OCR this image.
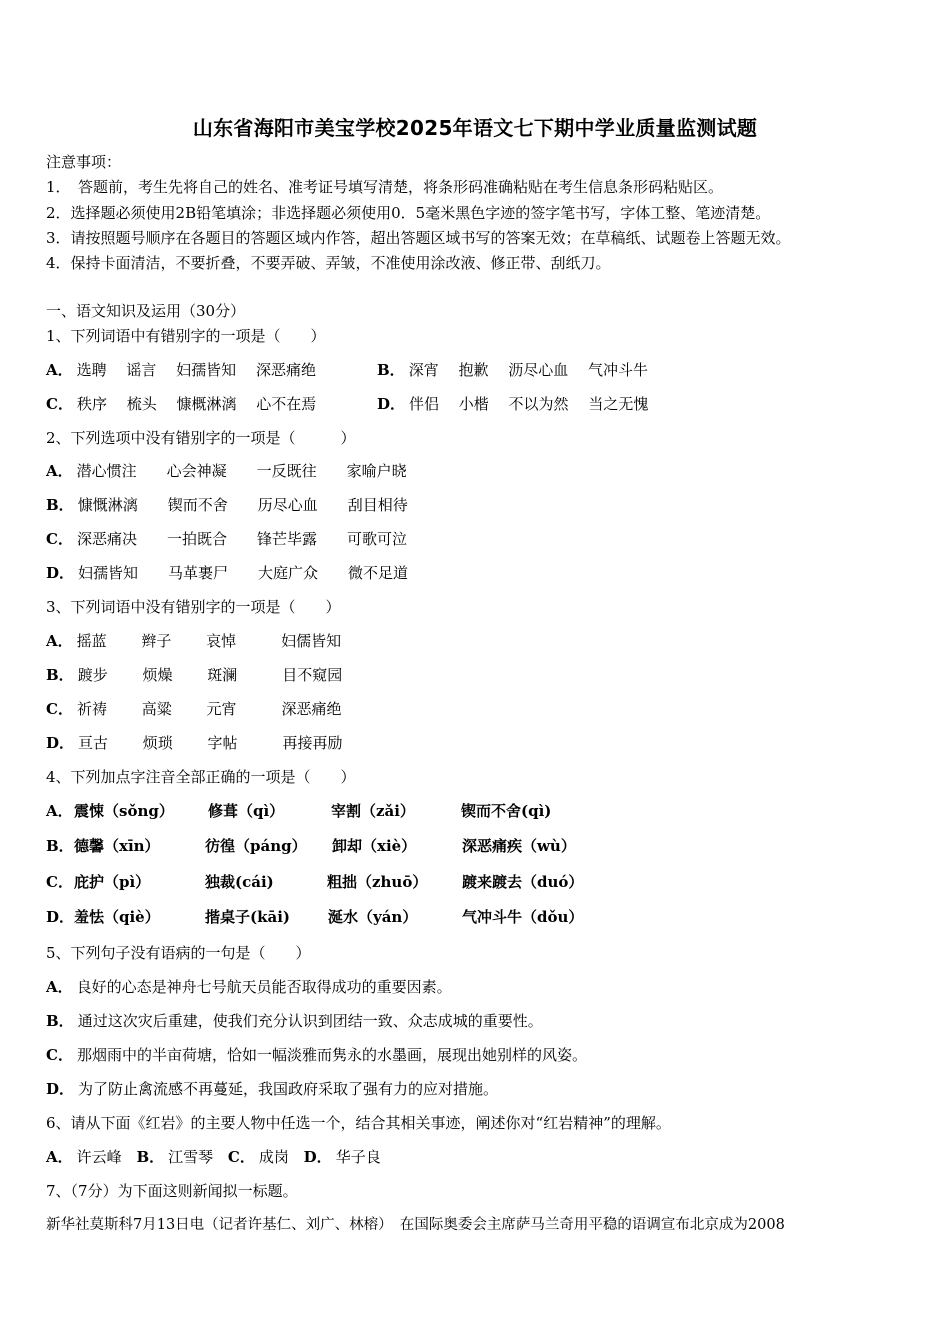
山东省海阳市美宝学校2025年语文七下期中学业质量监测试题
注意事项：
1．　答题前，考生先将自己的姓名、准考证号填写清楚，将条形码准确粘贴在考生信息条形码粘贴区。
2．选择题必须使用2B铅笔填涂；非选择题必须使用0．5毫米黑色字迹的签字笔书写，字体工整、笔迹清楚。
3．请按照题号顺序在各题目的答题区域内作答，超出答题区域书写的答案无效；在草稿纸、试题卷上答题无效。
4．保持卡面清洁，不要折叠，不要弄破、弄皱，不准使用涂改液、修正带、刮纸刀。
一、语文知识及运用（30分）
1、下列词语中有错别字的一项是（　　）
A． 选聘　 谣言　 妇孺皆知　 深恶痛绝	B． 深宵　 抱歉　 沥尽心血　 气冲斗牛
C． 秩序　 梳头　 慷概淋漓　 心不在焉	D． 伴侣　 小楷　 不以为然　 当之无愧
2、下列选项中没有错别字的一项是（　　　）
A． 潜心惯注　　心会神凝　　一反既往　　家喻户晓
B． 慷慨淋漓　　锲而不舍　　历尽心血　　刮目相待
C． 深恶痛决　　一拍既合　　锋芒毕露　　可歌可泣
D． 妇孺皆知　　马革裹尸　　大庭广众　　微不足道
3、下列词语中没有错别字的一项是（　　）
A． 摇蓝　　 辫子　　 哀悼　　　妇儒皆知
B． 踱步　　 烦燥　　 斑澜　　　目不窥园
C． 祈祷　　 高粱　　 元宵　　　深恶痛绝
D． 亘古　　 烦琐　　 字帖　　　再接再励
4、下列加点字注音全部正确的一项是（　　）
A． 震悚（sǒng） 修葺（qì）	宰割（zǎi）	锲而不舍(qì)
B． 德馨（xīn）	彷徨（páng） 卸却（xiè）	深恶痛疾（wù）
C． 庇护（pì）	独裁(cái)	粗拙（zhuō） 踱来踱去（duó）
D． 羞怯（qiè）	揩桌子(kāi)	涎水（yán）	气冲斗牛（dǒu）
5、下列句子没有语病的一句是（　　）
A． 良好的心态是神舟七号航天员能否取得成功的重要因素。
B． 通过这次灾后重建，使我们充分认识到团结一致、众志成城的重要性。
C． 那烟雨中的半亩荷塘，恰如一幅淡雅而隽永的水墨画，展现出她别样的风姿。
D． 为了防止禽流感不再蔓延，我国政府采取了强有力的应对措施。
6、请从下面《红岩》的主要人物中任选一个，结合其相关事迹，阐述你对“红岩精神”的理解。
A． 许云峰 B． 江雪琴 C． 成岗 D． 华子良
7、（7分）为下面这则新闻拟一标题。
新华社莫斯科7月13日电（记者许基仁、刘广、林榕）　在国际奥委会主席萨马兰奇用平稳的语调宣布北京成为2008
